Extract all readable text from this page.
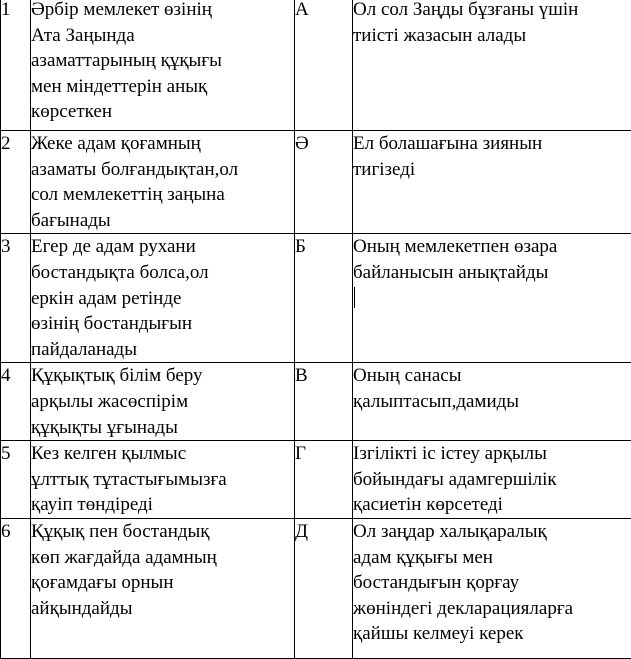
1	Әрбір мемлекет өзінің
Ата Заңында
азаматтарының құқығы
мен міндеттерін анық
көрсеткен	А	Ол сол Заңды бұзғаны үшін
тиісті жазасын алады

2	Жеке адам қоғамның
азаматы болғандықтан,ол
сол мемлекеттің заңына
бағынады	Ә	Ел болашағына зиянын
тигізеді

3	Егер де адам рухани
бостандықта болса,ол
еркін адам ретінде
өзінің бостандығын
пайдаланады	Б	Оның мемлекетпен өзара
байланысын анықтайды

4	Құқықтық білім беру
арқылы жасөспірім
құқықты ұғынады	В	Оның санасы
қалыптасып,дамиды

5	Кез келген қылмыс
ұлттық тұтастығымызға
қауіп төндіреді	Г	Ізгілікті іс істеу арқылы
бойындағы адамгершілік
қасиетін көрсетеді

6	Құқық пен бостандық
көп жағдайда адамның
қоғамдағы орнын
айқындайды	Д	Ол заңдар халықаралық
адам құқығы мен
бостандығын қорғау
жөніндегі декларацияларға
қайшы келмеуі керек
